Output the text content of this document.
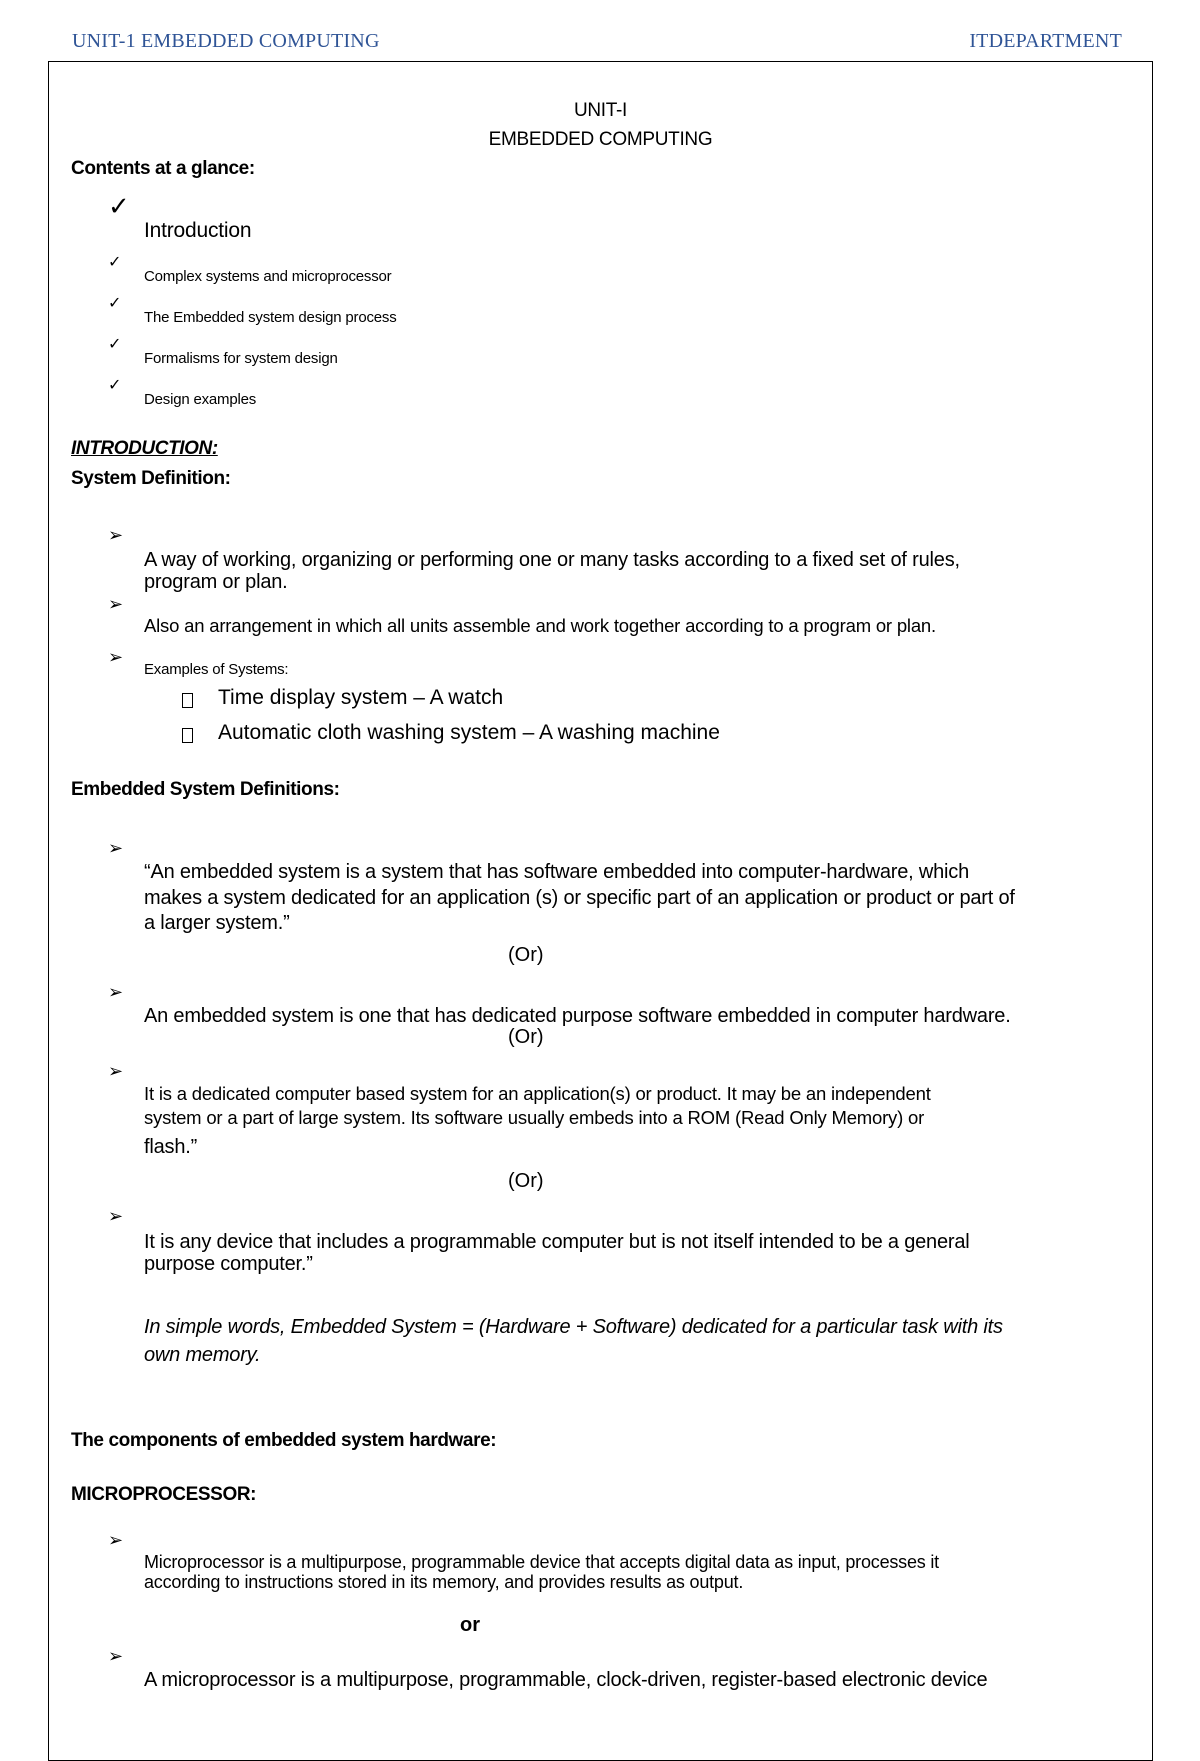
UNIT-1 EMBEDDED COMPUTING	ITDEPARTMENT
UNIT-I
EMBEDDED COMPUTING
Contents at a glance:
✓
Introduction
✓
Complex systems and microprocessor
✓
The Embedded system design process
✓
Formalisms for system design
✓
Design examples
INTRODUCTION:
System Definition:
➢
A way of working, organizing or performing one or many tasks according to a fixed set of rules,
program or plan.
➢
Also an arrangement in which all units assemble and work together according to a program or plan.
➢
Examples of Systems:
Time display system – A watch
Automatic cloth washing system – A washing machine
Embedded System Definitions:
➢
“An embedded system is a system that has software embedded into computer-hardware, which
makes a system dedicated for an application (s) or specific part of an application or product or part of
a larger system.”
(Or)
➢
An embedded system is one that has dedicated purpose software embedded in computer hardware.
(Or)
➢
It is a dedicated computer based system for an application(s) or product. It may be an independent
system or a part of large system. Its software usually embeds into a ROM (Read Only Memory) or
flash.”
(Or)
➢
It is any device that includes a programmable computer but is not itself intended to be a general
purpose computer.”
In simple words, Embedded System = (Hardware + Software) dedicated for a particular task with its
own memory.
The components of embedded system hardware:
MICROPROCESSOR:
➢
Microprocessor is a multipurpose, programmable device that accepts digital data as input, processes it
according to instructions stored in its memory, and provides results as output.
or
➢
A microprocessor is a multipurpose, programmable, clock-driven, register-based electronic device
